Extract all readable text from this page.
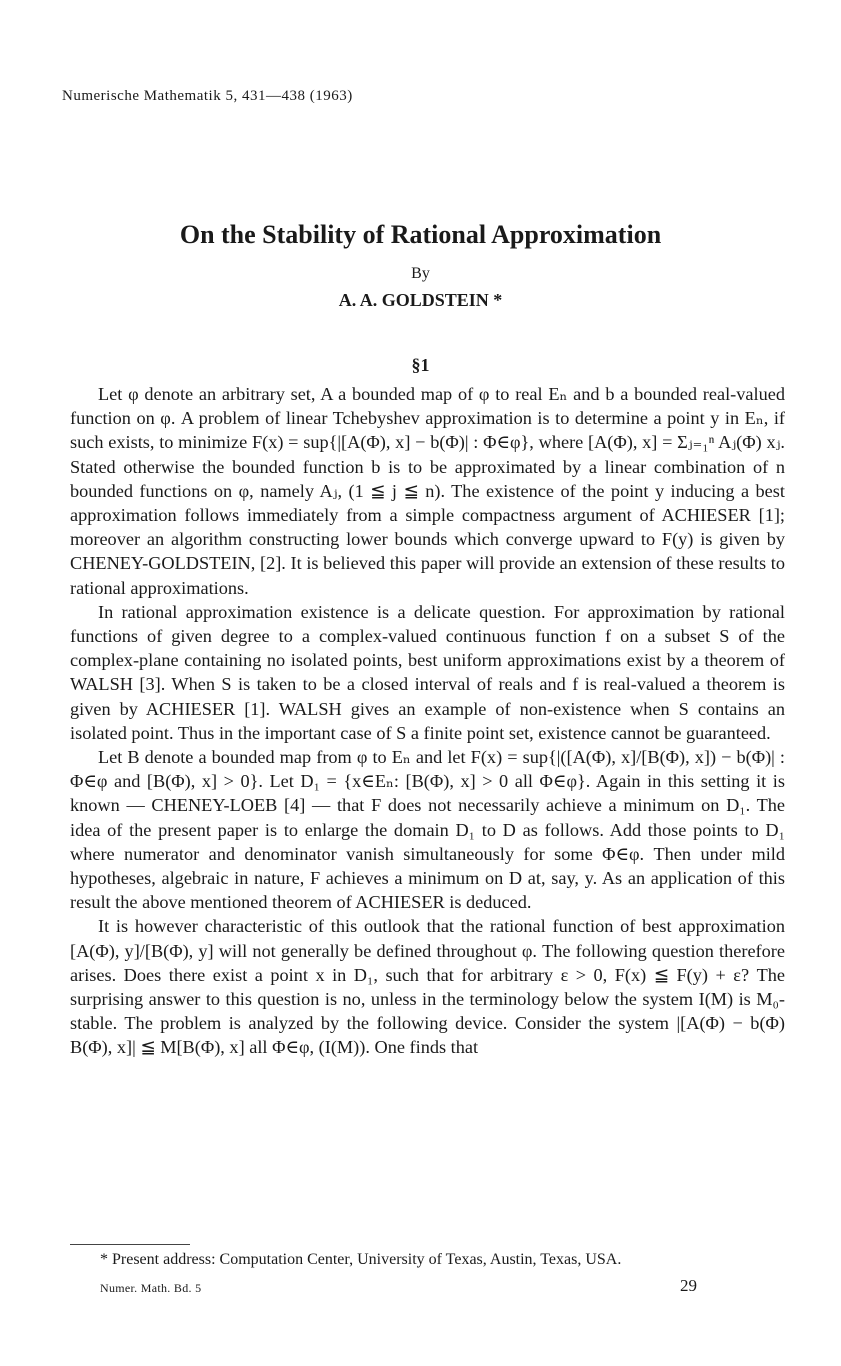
Numerische Mathematik 5, 431—438 (1963)
On the Stability of Rational Approximation
By
A. A. GOLDSTEIN *
§1

Let φ denote an arbitrary set, A a bounded map of φ to real Eₙ and b a bounded real-valued function on φ. A problem of linear Tchebyshev approximation is to determine a point y in Eₙ, if such exists, to minimize F(x) = sup{|[A(Φ), x] − b(Φ)| : Φ∈φ}, where [A(Φ), x] = Σⱼ₌₁ⁿ Aⱼ(Φ) xⱼ. Stated otherwise the bounded function b is to be approximated by a linear combination of n bounded functions on φ, namely Aⱼ, (1 ≦ j ≦ n). The existence of the point y inducing a best approximation follows immediately from a simple compactness argument of ACHIESER [1]; moreover an algorithm constructing lower bounds which converge upward to F(y) is given by CHENEY-GOLDSTEIN, [2]. It is believed this paper will provide an extension of these results to rational approximations.

In rational approximation existence is a delicate question. For approximation by rational functions of given degree to a complex-valued continuous function f on a subset S of the complex-plane containing no isolated points, best uniform approximations exist by a theorem of WALSH [3]. When S is taken to be a closed interval of reals and f is real-valued a theorem is given by ACHIESER [1]. WALSH gives an example of non-existence when S contains an isolated point. Thus in the important case of S a finite point set, existence cannot be guaranteed.

Let B denote a bounded map from φ to Eₙ and let F(x) = sup{|([A(Φ), x]/[B(Φ), x]) − b(Φ)| : Φ∈φ and [B(Φ), x] > 0}. Let D₁ = {x∈Eₙ: [B(Φ), x] > 0 all Φ∈φ}. Again in this setting it is known — CHENEY-LOEB [4] — that F does not necessarily achieve a minimum on D₁. The idea of the present paper is to enlarge the domain D₁ to D as follows. Add those points to D₁ where numerator and denominator vanish simultaneously for some Φ∈φ. Then under mild hypotheses, algebraic in nature, F achieves a minimum on D at, say, y. As an application of this result the above mentioned theorem of ACHIESER is deduced.

It is however characteristic of this outlook that the rational function of best approximation [A(Φ), y]/[B(Φ), y] will not generally be defined throughout φ. The following question therefore arises. Does there exist a point x in D₁, such that for arbitrary ε > 0, F(x) ≦ F(y) + ε? The surprising answer to this question is no, unless in the terminology below the system I(M) is M₀-stable. The problem is analyzed by the following device. Consider the system |[A(Φ) − b(Φ) B(Φ), x]| ≦ M[B(Φ), x] all Φ∈φ, (I(M)). One finds that

* Present address: Computation Center, University of Texas, Austin, Texas, USA.
Numer. Math. Bd. 5	29
